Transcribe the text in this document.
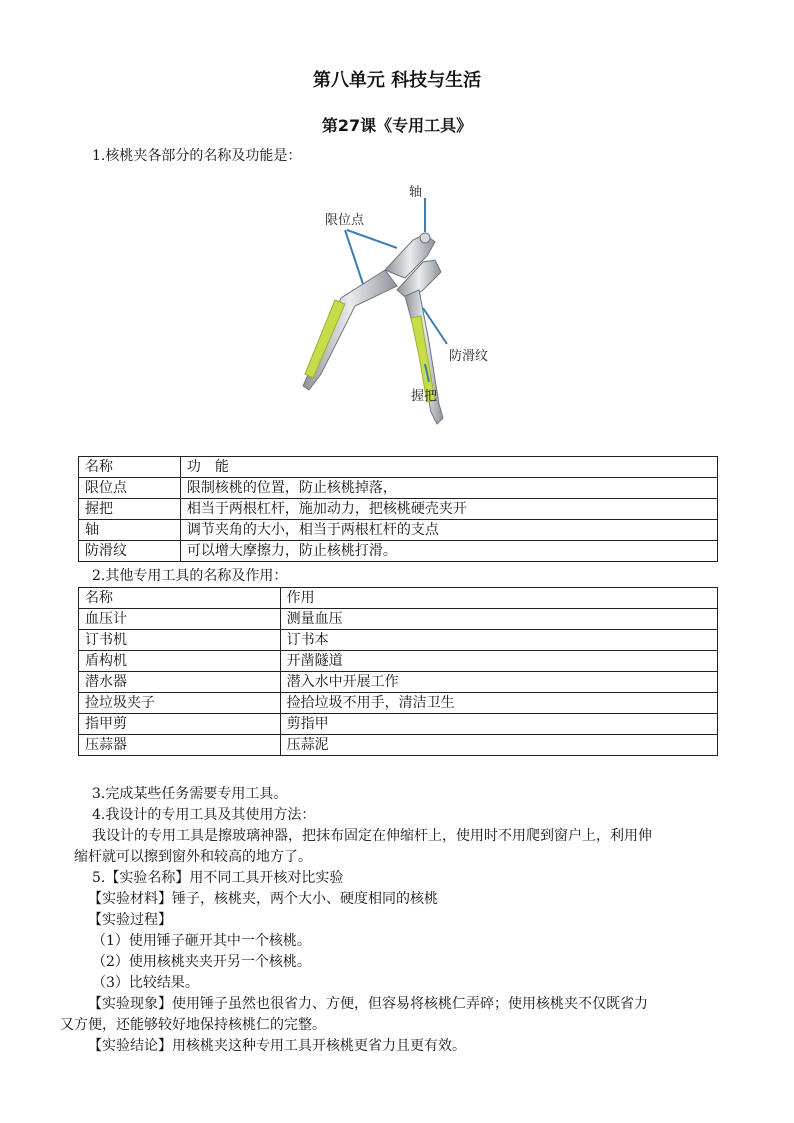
第八单元 科技与生活
第27课《专用工具》
1.核桃夹各部分的名称及功能是：
轴
限位点
防滑纹
握把
名称	功　能
限位点	限制核桃的位置，防止核桃掉落，
握把	相当于两根杠杆，施加动力，把核桃硬壳夹开
轴	调节夹角的大小，相当于两根杠杆的支点
防滑纹	可以增大摩擦力，防止核桃打滑。
2.其他专用工具的名称及作用：
名称	作用
血压计	测量血压
订书机	订书本
盾构机	开凿隧道
潜水器	潜入水中开展工作
捡垃圾夹子	捡拾垃圾不用手，清洁卫生
指甲剪	剪指甲
压蒜器	压蒜泥

3.完成某些任务需要专用工具。

4.我设计的专用工具及其使用方法：

我设计的专用工具是擦玻璃神器，把抹布固定在伸缩杆上，使用时不用爬到窗户上，利用伸

缩杆就可以擦到窗外和较高的地方了。

5.【实验名称】用不同工具开核对比实验

【实验材料】锤子，核桃夹，两个大小、硬度相同的核桃

【实验过程】

（1）使用锤子砸开其中一个核桃。

（2）使用核桃夹夹开另一个核桃。

（3）比较结果。

【实验现象】使用锤子虽然也很省力、方便，但容易将核桃仁弄碎；使用核桃夹不仅既省力

又方便，还能够较好地保持核桃仁的完整。

【实验结论】用核桃夹这种专用工具开核桃更省力且更有效。
